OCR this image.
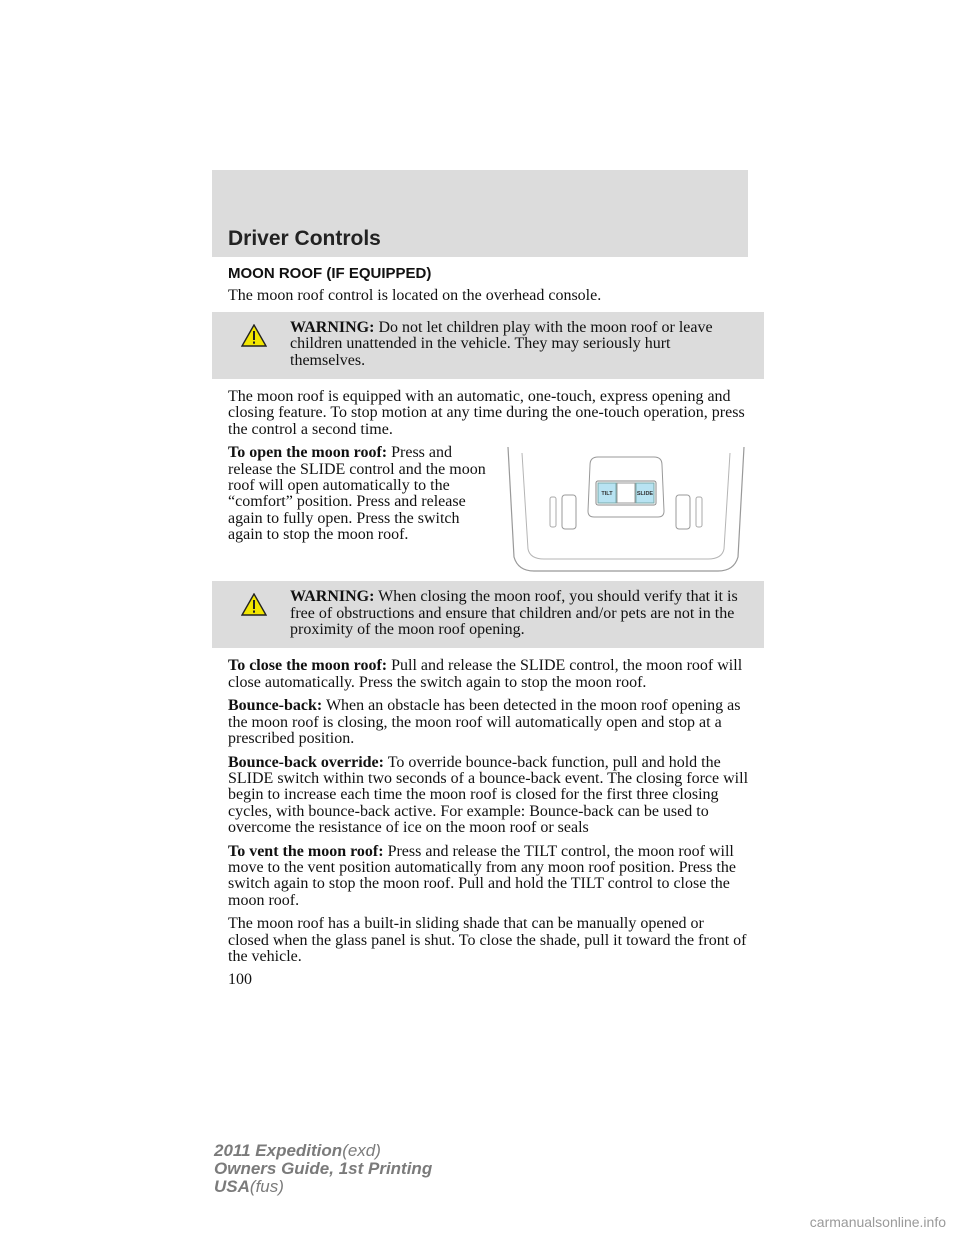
Driver Controls
MOON ROOF (IF EQUIPPED)

The moon roof control is located on the overhead console.

WARNING: Do not let children play with the moon roof or leave children unattended in the vehicle. They may seriously hurt themselves.

The moon roof is equipped with an automatic, one-touch, express opening and closing feature. To stop motion at any time during the one-touch operation, press the control a second time.

TILT	SLIDE
To open the moon roof: Press and release the SLIDE control and the moon roof will open automatically to the “comfort” position. Press and release again to fully open. Press the switch again to stop the moon roof.
WARNING: When closing the moon roof, you should verify that it is free of obstructions and ensure that children and/or pets are not in the proximity of the moon roof opening.

To close the moon roof: Pull and release the SLIDE control, the moon roof will close automatically. Press the switch again to stop the moon roof.

Bounce-back: When an obstacle has been detected in the moon roof opening as the moon roof is closing, the moon roof will automatically open and stop at a prescribed position.

Bounce-back override: To override bounce-back function, pull and hold the SLIDE switch within two seconds of a bounce-back event. The closing force will begin to increase each time the moon roof is closed for the first three closing cycles, with bounce-back active. For example: Bounce-back can be used to overcome the resistance of ice on the moon roof or seals

To vent the moon roof: Press and release the TILT control, the moon roof will move to the vent position automatically from any moon roof position. Press the switch again to stop the moon roof. Pull and hold the TILT control to close the moon roof.

The moon roof has a built-in sliding shade that can be manually opened or closed when the glass panel is shut. To close the shade, pull it toward the front of the vehicle.

100
2011 Expedition(exd)
Owners Guide, 1st Printing
USA(fus)
carmanualsonline.info
